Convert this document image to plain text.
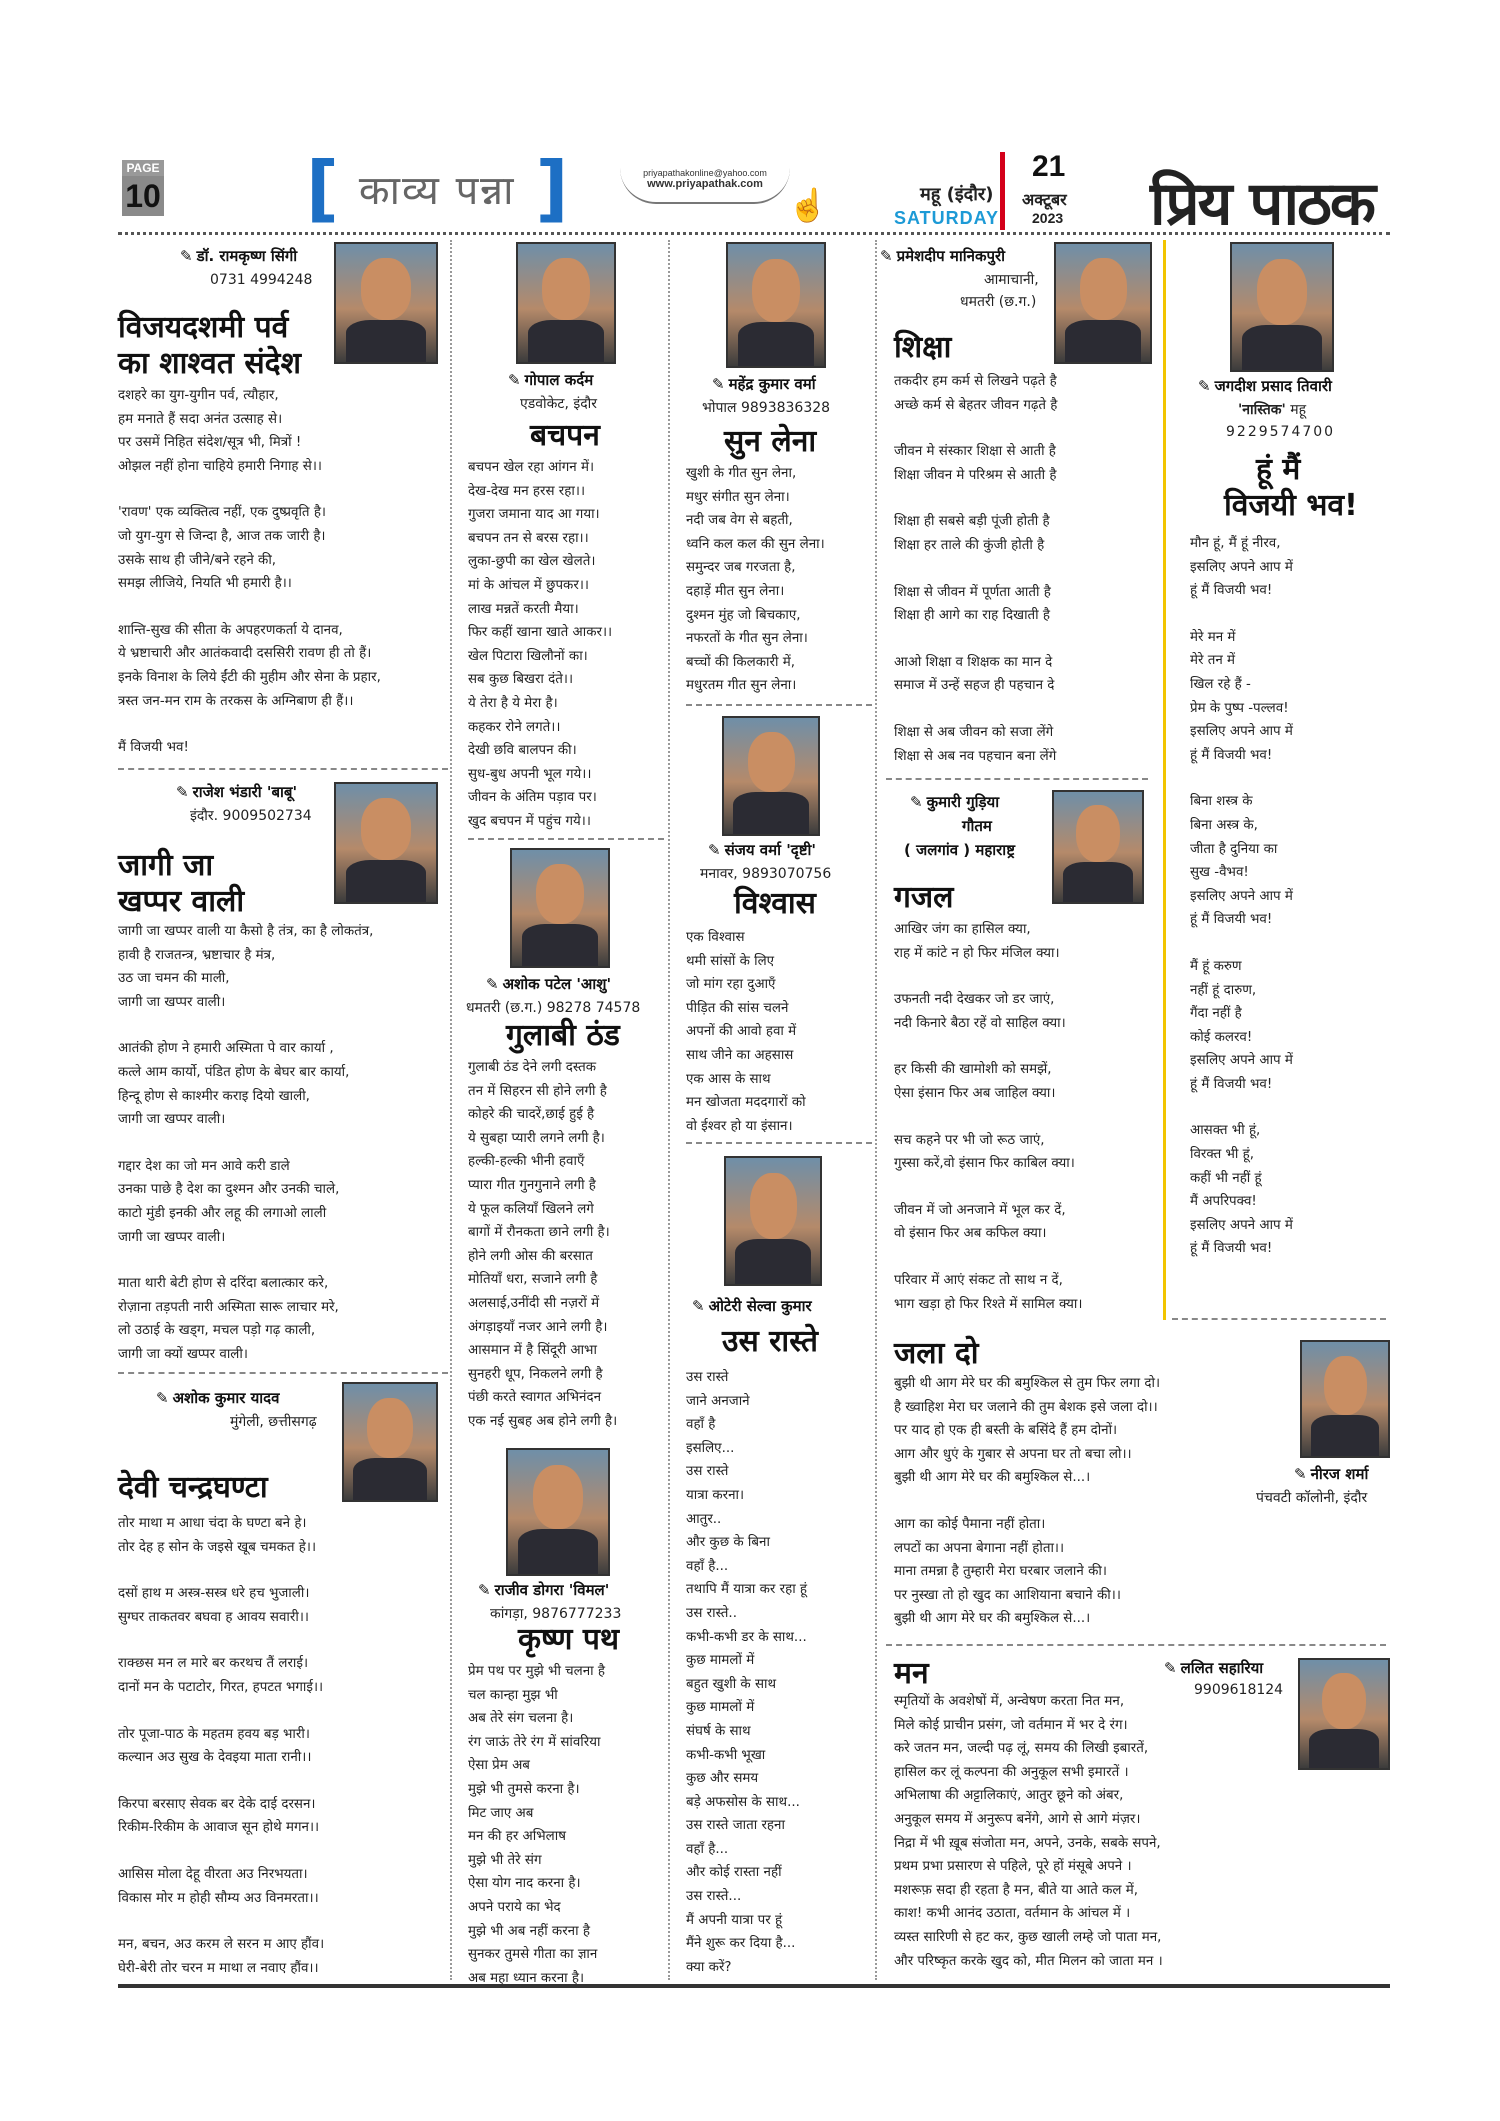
PAGE
10 [ काव्य पन्ना ]	priyapathakonline@yahoo.com
www.priyapathak.com
☝	महू (इंदौर)
SATURDAY
21
अक्टूबर
2023 प्रिय पाठक
✎ डॉ. रामकृष्ण सिंगी
0731 4994248
विजयदशमी पर्व
का शाश्वत संदेश
दशहरे का युग-युगीन पर्व, त्यौहार,
हम मनाते हैं सदा अनंत उत्साह से।
पर उसमें निहित संदेश/सूत्र भी, मित्रों !
ओझल नहीं होना चाहिये हमारी निगाह से।।
'रावण' एक व्यक्तित्व नहीं, एक दुष्प्रवृति है।
जो युग-युग से जिन्दा है, आज तक जारी है।
उसके साथ ही जीने/बने रहने की,
समझ लीजिये, नियति भी हमारी है।।
शान्ति-सुख की सीता के अपहरणकर्ता ये दानव,
ये भ्रष्टाचारी और आतंकवादी दससिरी रावण ही तो हैं।
इनके विनाश के लिये ईंटी की मुहीम और सेना के प्रहार,
त्रस्त जन-मन राम के तरकस के अग्निबाण ही हैं।।
मैं विजयी भव!
✎ राजेश भंडारी 'बाबू'
इंदौर. 9009502734
जागी जा
खप्पर वाली
जागी जा खप्पर वाली या कैसो है तंत्र, का है लोकतंत्र,
हावी है राजतन्त्र, भ्रष्टाचार है मंत्र,
उठ जा चमन की माली,
जागी जा खप्पर वाली।
आतंकी होण ने हमारी अस्मिता पे वार कार्या ,
कत्ले आम कार्यो, पंडित होण के बेघर बार कार्या,
हिन्दू होण से काश्मीर कराइ दियो खाली,
जागी जा खप्पर वाली।
गद्दार देश का जो मन आवे करी डाले
उनका पाछे है देश का दुश्मन और उनकी चाले,
काटो मुंडी इनकी और लहू की लगाओ लाली
जागी जा खप्पर वाली।
माता थारी बेटी होण से दरिंदा बलात्कार करे,
रोज़ाना तड़पती नारी अस्मिता सारू लाचार मरे,
लो उठाई के खड्ग, मचल पड़ो गढ़ काली,
जागी जा क्यों खप्पर वाली।
✎ अशोक कुमार यादव
मुंगेली, छत्तीसगढ़
देवी चन्द्रघण्टा
तोर माथा म आधा चंदा के घण्टा बने हे।
तोर देह ह सोन के जइसे खूब चमकत हे।।
दसों हाथ म अस्त्र-सस्त्र धरे हच भुजाली।
सुग्घर ताकतवर बघवा ह आवय सवारी।।
राक्छस मन ल मारे बर करथच तैं लराई।
दानों मन के पटाटोर, गिरत, हपटत भगाई।।
तोर पूजा-पाठ के महतम हवय बड़ भारी।
कल्यान अउ सुख के देवइया माता रानी।।
किरपा बरसाए सेवक बर देके दाई दरसन।
रिकीम-रिकीम के आवाज सून होथे मगन।।
आसिस मोला देहू वीरता अउ निरभयता।
विकास मोर म होही सौम्य अउ विनमरता।।
मन, बचन, अउ करम ले सरन म आए हौंव।
घेरी-बेरी तोर चरन म माथा ल नवाए हौंव।।
✎ गोपाल कर्दम
एडवोकेट, इंदौर
बचपन
बचपन खेल रहा आंगन में।
देख-देख मन हरस रहा।।
गुजरा जमाना याद आ गया।
बचपन तन से बरस रहा।।
लुका-छुपी का खेल खेलते।
मां के आंचल में छुपकर।।
लाख मन्नतें करती मैया।
फिर कहीं खाना खाते आकर।।
खेल पिटारा खिलौनों का।
सब कुछ बिखरा दंते।।
ये तेरा है ये मेरा है।
कहकर रोने लगते।।
देखी छवि बालपन की।
सुध-बुध अपनी भूल गये।।
जीवन के अंतिम पड़ाव पर।
खुद बचपन में पहुंच गये।।
✎ अशोक पटेल 'आशु'
धमतरी (छ.ग.) 98278 74578
गुलाबी ठंड
गुलाबी ठंड देने लगी दस्तक
तन में सिहरन सी होने लगी है
कोहरे की चादरें,छाई हुई है
ये सुबहा प्यारी लगने लगी है।
हल्की-हल्की भीनी हवाएँ
प्यारा गीत गुनगुनाने लगी है
ये फूल कलियाँ खिलने लगे
बागों में रौनकता छाने लगी है।
होने लगी ओस की बरसात
मोतियाँ धरा, सजाने लगी है
अलसाई,उनींदी सी नज़रों में
अंगड़ाइयाँ नजर आने लगी है।
आसमान में है सिंदूरी आभा
सुनहरी धूप, निकलने लगी है
पंछी करते स्वागत अभिनंदन
एक नई सुबह अब होने लगी है।
✎ राजीव डोगरा 'विमल'
कांगड़ा, 9876777233
कृष्ण पथ
प्रेम पथ पर मुझे भी चलना है
चल कान्हा मुझ भी
अब तेरे संग चलना है।
रंग जाऊं तेरे रंग में सांवरिया
ऐसा प्रेम अब
मुझे भी तुमसे करना है।
मिट जाए अब
मन की हर अभिलाष
मुझे भी तेरे संग
ऐसा योग नाद करना है।
अपने पराये का भेद
मुझे भी अब नहीं करना है
सुनकर तुमसे गीता का ज्ञान
अब महा ध्यान करना है।
✎ महेंद्र कुमार वर्मा
भोपाल 9893836328
सुन लेना
खुशी के गीत सुन लेना,
मधुर संगीत सुन लेना।
नदी जब वेग से बहती,
ध्वनि कल कल की सुन लेना।
समुन्दर जब गरजता है,
दहाड़ें मीत सुन लेना।
दुश्मन मुंह जो बिचकाए,
नफरतों के गीत सुन लेना।
बच्चों की किलकारी में,
मधुरतम गीत सुन लेना।
✎ संजय वर्मा 'दृष्टी'
मनावर, 9893070756
विश्वास
एक विश्वास
थमी सांसों के लिए
जो मांग रहा दुआएँ
पीड़ित की सांस चलने
अपनों की आवो हवा में
साथ जीने का अहसास
एक आस के साथ
मन खोजता मददगारों को
वो ईश्वर हो या इंसान।
✎ ओटेरी सेल्वा कुमार
उस रास्ते
उस रास्ते
जाने अनजाने
वहाँ है
इसलिए...
उस रास्ते
यात्रा करना।
आतुर..
और कुछ के बिना
वहाँ है...
तथापि मैं यात्रा कर रहा हूं
उस रास्ते..
कभी-कभी डर के साथ...
कुछ मामलों में
बहुत खुशी के साथ
कुछ मामलों में
संघर्ष के साथ
कभी-कभी भूखा
कुछ और समय
बड़े अफसोस के साथ...
उस रास्ते जाता रहना
वहाँ है...
और कोई रास्ता नहीं
उस रास्ते...
मैं अपनी यात्रा पर हूं
मैंने शुरू कर दिया है...
क्या करें?
✎ प्रमेशदीप मानिकपुरी
आमाचानी,
धमतरी (छ.ग.)
शिक्षा
तकदीर हम कर्म से लिखने पढ़ते है
अच्छे कर्म से बेहतर जीवन गढ़ते है
जीवन मे संस्कार शिक्षा से आती है
शिक्षा जीवन मे परिश्रम से आती है
शिक्षा ही सबसे बड़ी पूंजी होती है
शिक्षा हर ताले की कुंजी होती है
शिक्षा से जीवन में पूर्णता आती है
शिक्षा ही आगे का राह दिखाती है
आओ शिक्षा व शिक्षक का मान दे
समाज में उन्हें सहज ही पहचान दे
शिक्षा से अब जीवन को सजा लेंगे
शिक्षा से अब नव पहचान बना लेंगे
✎ कुमारी गुड़िया
गौतम
( जलगांव ) महाराष्ट्र
गजल
आखिर जंग का हासिल क्या,
राह में कांटे न हो फिर मंजिल क्या।
उफनती नदी देखकर जो डर जाएं,
नदी किनारे बैठा रहें वो साहिल क्या।
हर किसी की खामोशी को समझें,
ऐसा इंसान फिर अब जाहिल क्या।
सच कहने पर भी जो रूठ जाएं,
गुस्सा करें,वो इंसान फिर काबिल क्या।
जीवन में जो अनजाने में भूल कर दें,
वो इंसान फिर अब कफिल क्या।
परिवार में आएं संकट तो साथ न दें,
भाग खड़ा हो फिर रिश्ते में सामिल क्या।
जला दो
✎ नीरज शर्मा
पंचवटी कॉलोनी, इंदौर
बुझी थी आग मेरे घर की बमुश्किल से तुम फिर लगा दो।
है ख्वाहिश मेरा घर जलाने की तुम बेशक इसे जला दो।।
पर याद हो एक ही बस्ती के बसिंदे हैं हम दोनों।
आग और धुएं के गुबार से अपना घर तो बचा लो।।
बुझी थी आग मेरे घर की बमुश्किल से...।
आग का कोई पैमाना नहीं होता।
लपटों का अपना बेगाना नहीं होता।।
माना तमन्ना है तुम्हारी मेरा घरबार जलाने की।
पर नुस्खा तो हो खुद का आशियाना बचाने की।।
बुझी थी आग मेरे घर की बमुश्किल से...।
मन	✎ ललित सहारिया
9909618124
स्मृतियों के अवशेषों में, अन्वेषण करता नित मन,
मिले कोई प्राचीन प्रसंग, जो वर्तमान में भर दे रंग।
करे जतन मन, जल्दी पढ़ लूं, समय की लिखी इबारतें,
हासिल कर लूं कल्पना की अनुकूल सभी इमारतें ।
अभिलाषा की अट्टालिकाएं, आतुर छूने को अंबर,
अनुकूल समय में अनुरूप बनेंगे, आगे से आगे मंज़र।
निद्रा में भी ख़ूब संजोता मन, अपने, उनके, सबके सपने,
प्रथम प्रभा प्रसारण से पहिले, पूरे हों मंसूबे अपने ।
मशरूफ़ सदा ही रहता है मन, बीते या आते कल में,
काश! कभी आनंद उठाता, वर्तमान के आंचल में ।
व्यस्त सारिणी से हट कर, कुछ खाली लम्हे जो पाता मन,
और परिष्कृत करके खुद को, मीत मिलन को जाता मन ।
✎ जगदीश प्रसाद तिवारी
'नास्तिक' महू
9229574700
हूं मैं
विजयी भव!
मौन हूं, मैं हूं नीरव,
इसलिए अपने आप में
हूं मैं विजयी भव!
मेरे मन में
मेरे तन में
खिल रहे हैं -
प्रेम के पुष्प -पल्लव!
इसलिए अपने आप में
हूं मैं विजयी भव!
बिना शस्त्र के
बिना अस्त्र के,
जीता है दुनिया का
सुख -वैभव!
इसलिए अपने आप में
हूं मैं विजयी भव!
मैं हूं करुण
नहीं हूं दारुण,
गैंदा नहीं है
कोई कलरव!
इसलिए अपने आप में
हूं मैं विजयी भव!
आसक्त भी हूं,
विरक्त भी हूं,
कहीं भी नहीं हूं
मैं अपरिपक्व!
इसलिए अपने आप में
हूं मैं विजयी भव!
